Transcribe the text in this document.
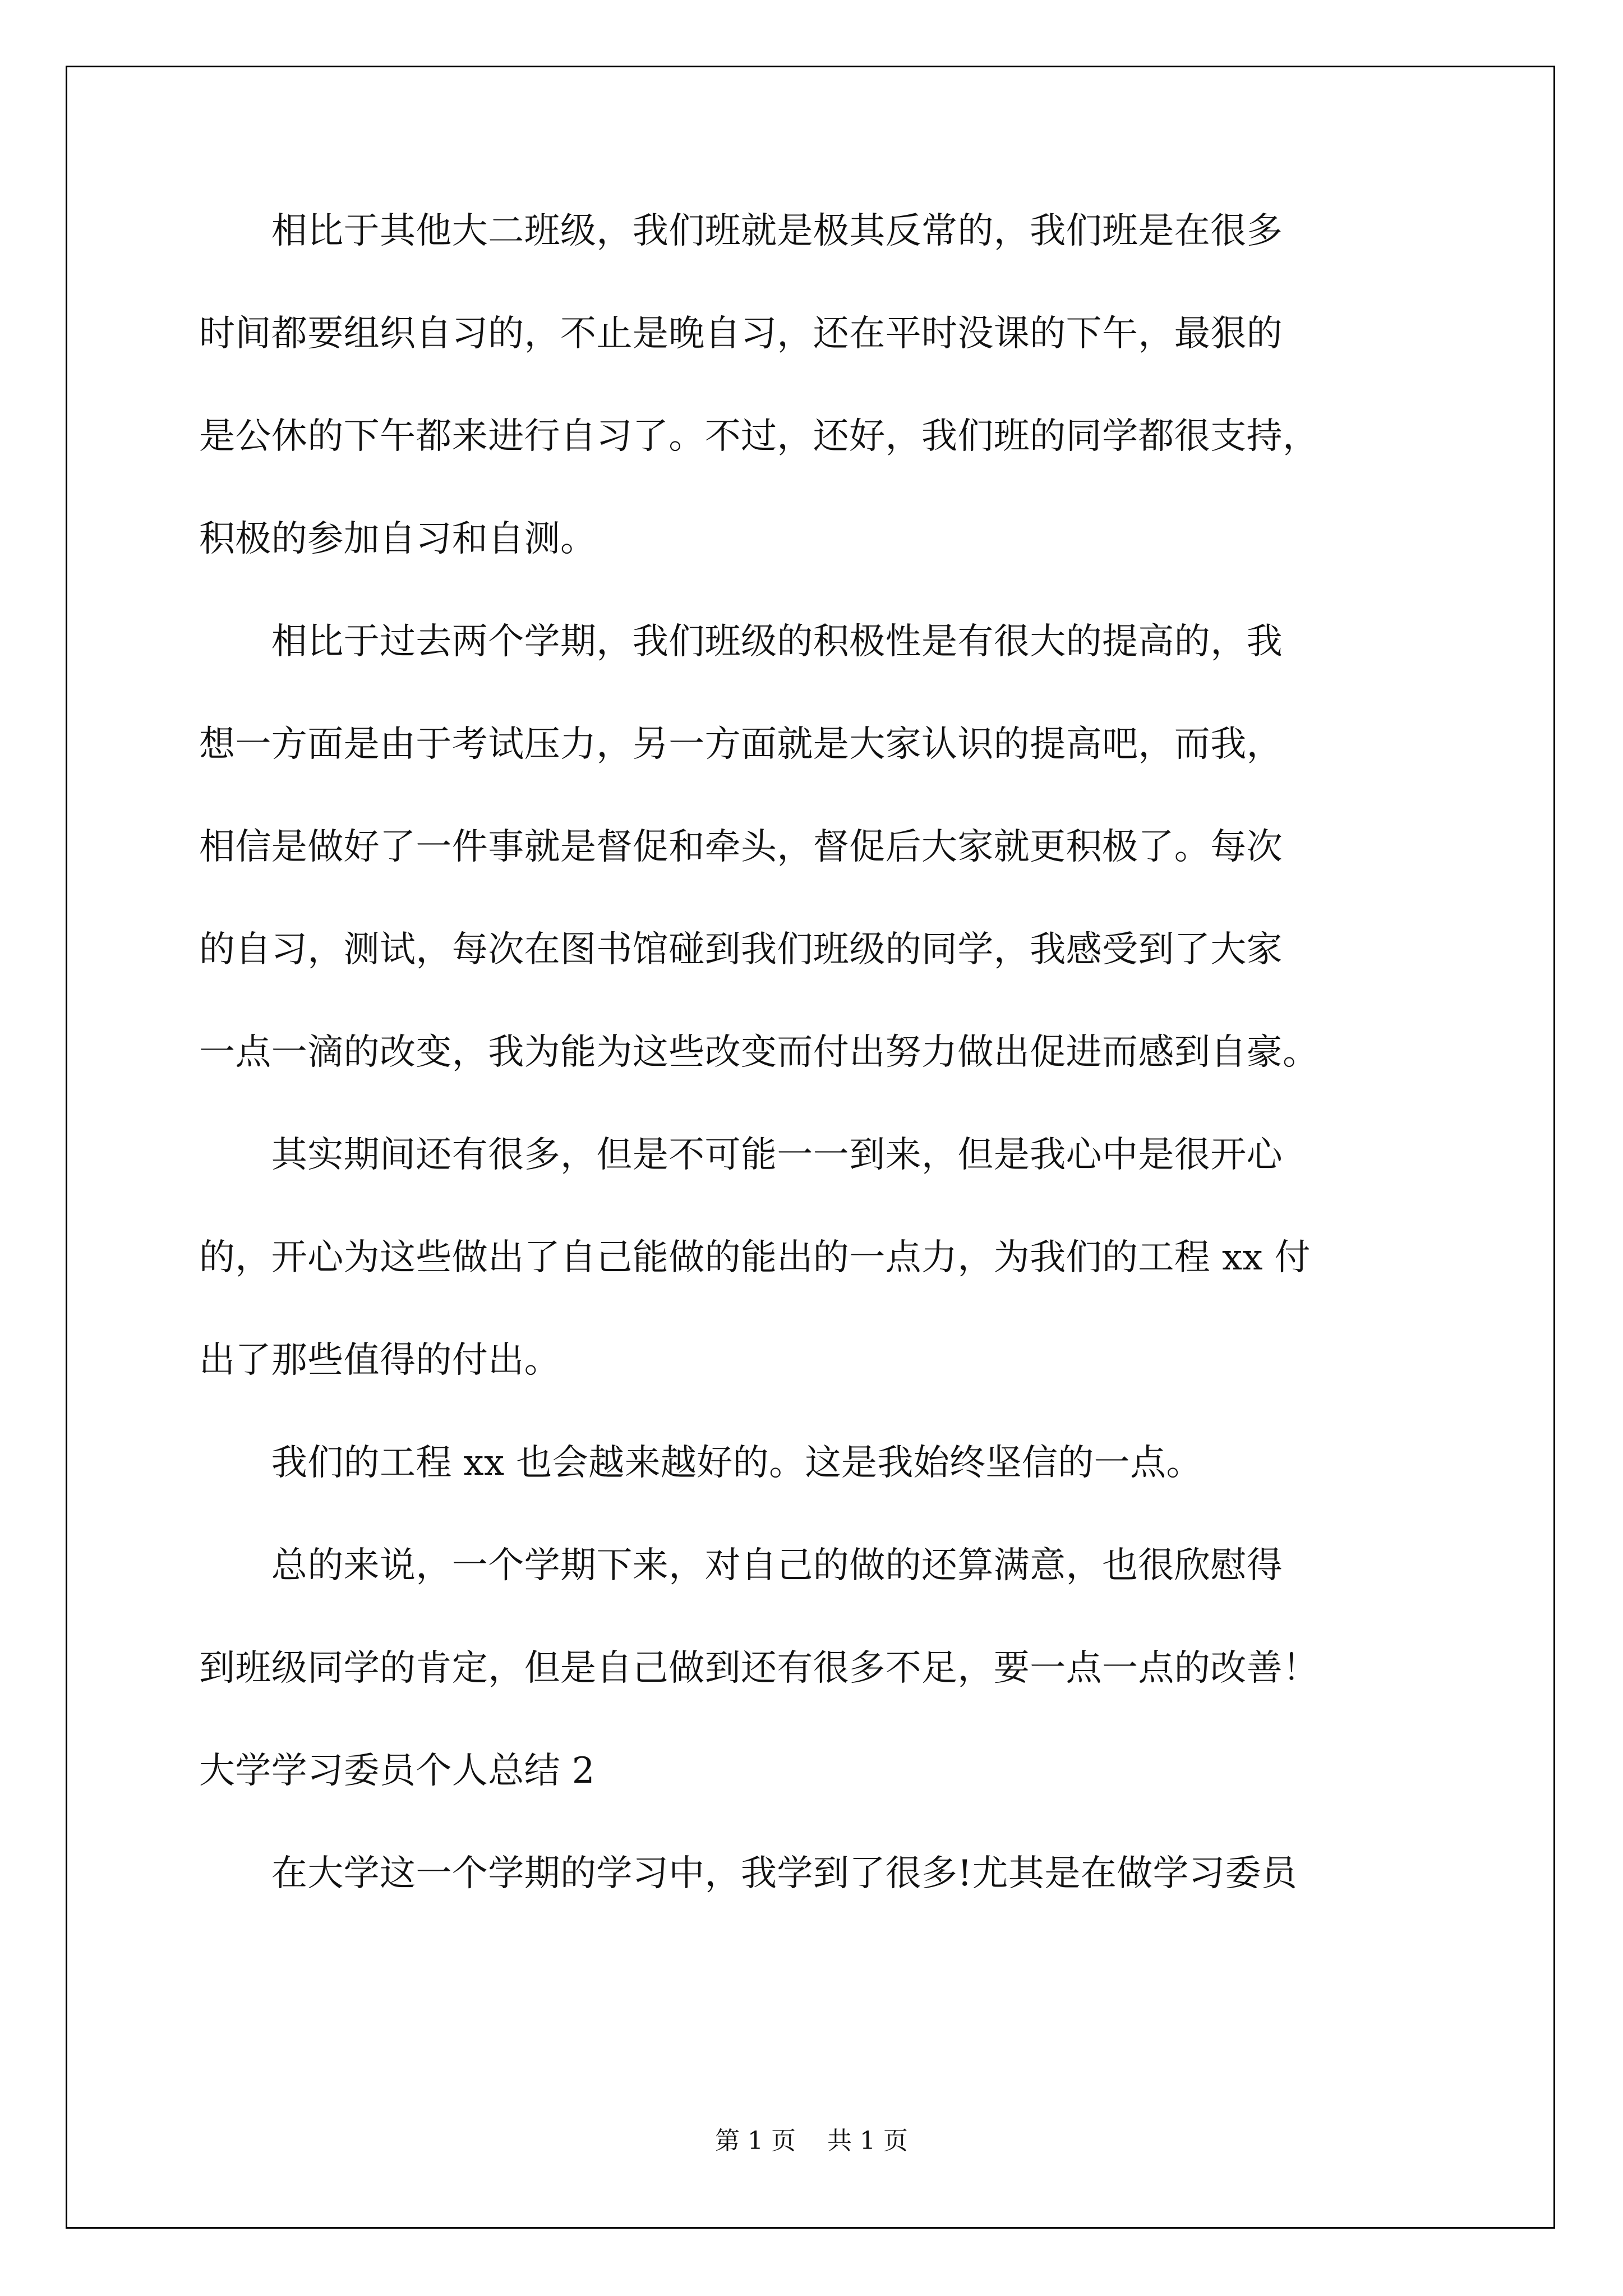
　　相比于其他大二班级，我们班就是极其反常的，我们班是在很多
时间都要组织自习的，不止是晚自习，还在平时没课的下午，最狠的
是公休的下午都来进行自习了。不过，还好，我们班的同学都很支持，
积极的参加自习和自测。
　　相比于过去两个学期，我们班级的积极性是有很大的提高的，我
想一方面是由于考试压力，另一方面就是大家认识的提高吧，而我，
相信是做好了一件事就是督促和牵头，督促后大家就更积极了。每次
的自习，测试，每次在图书馆碰到我们班级的同学，我感受到了大家
一点一滴的改变，我为能为这些改变而付出努力做出促进而感到自豪。
　　其实期间还有很多，但是不可能一一到来，但是我心中是很开心
的，开心为这些做出了自己能做的能出的一点力，为我们的工程 xx 付
出了那些值得的付出。
　　我们的工程 xx 也会越来越好的。这是我始终坚信的一点。
　　总的来说，一个学期下来，对自己的做的还算满意，也很欣慰得
到班级同学的肯定，但是自己做到还有很多不足，要一点一点的改善！
大学学习委员个人总结 2
　　在大学这一个学期的学习中，我学到了很多!尤其是在做学习委员
第 1 页    共 1 页
